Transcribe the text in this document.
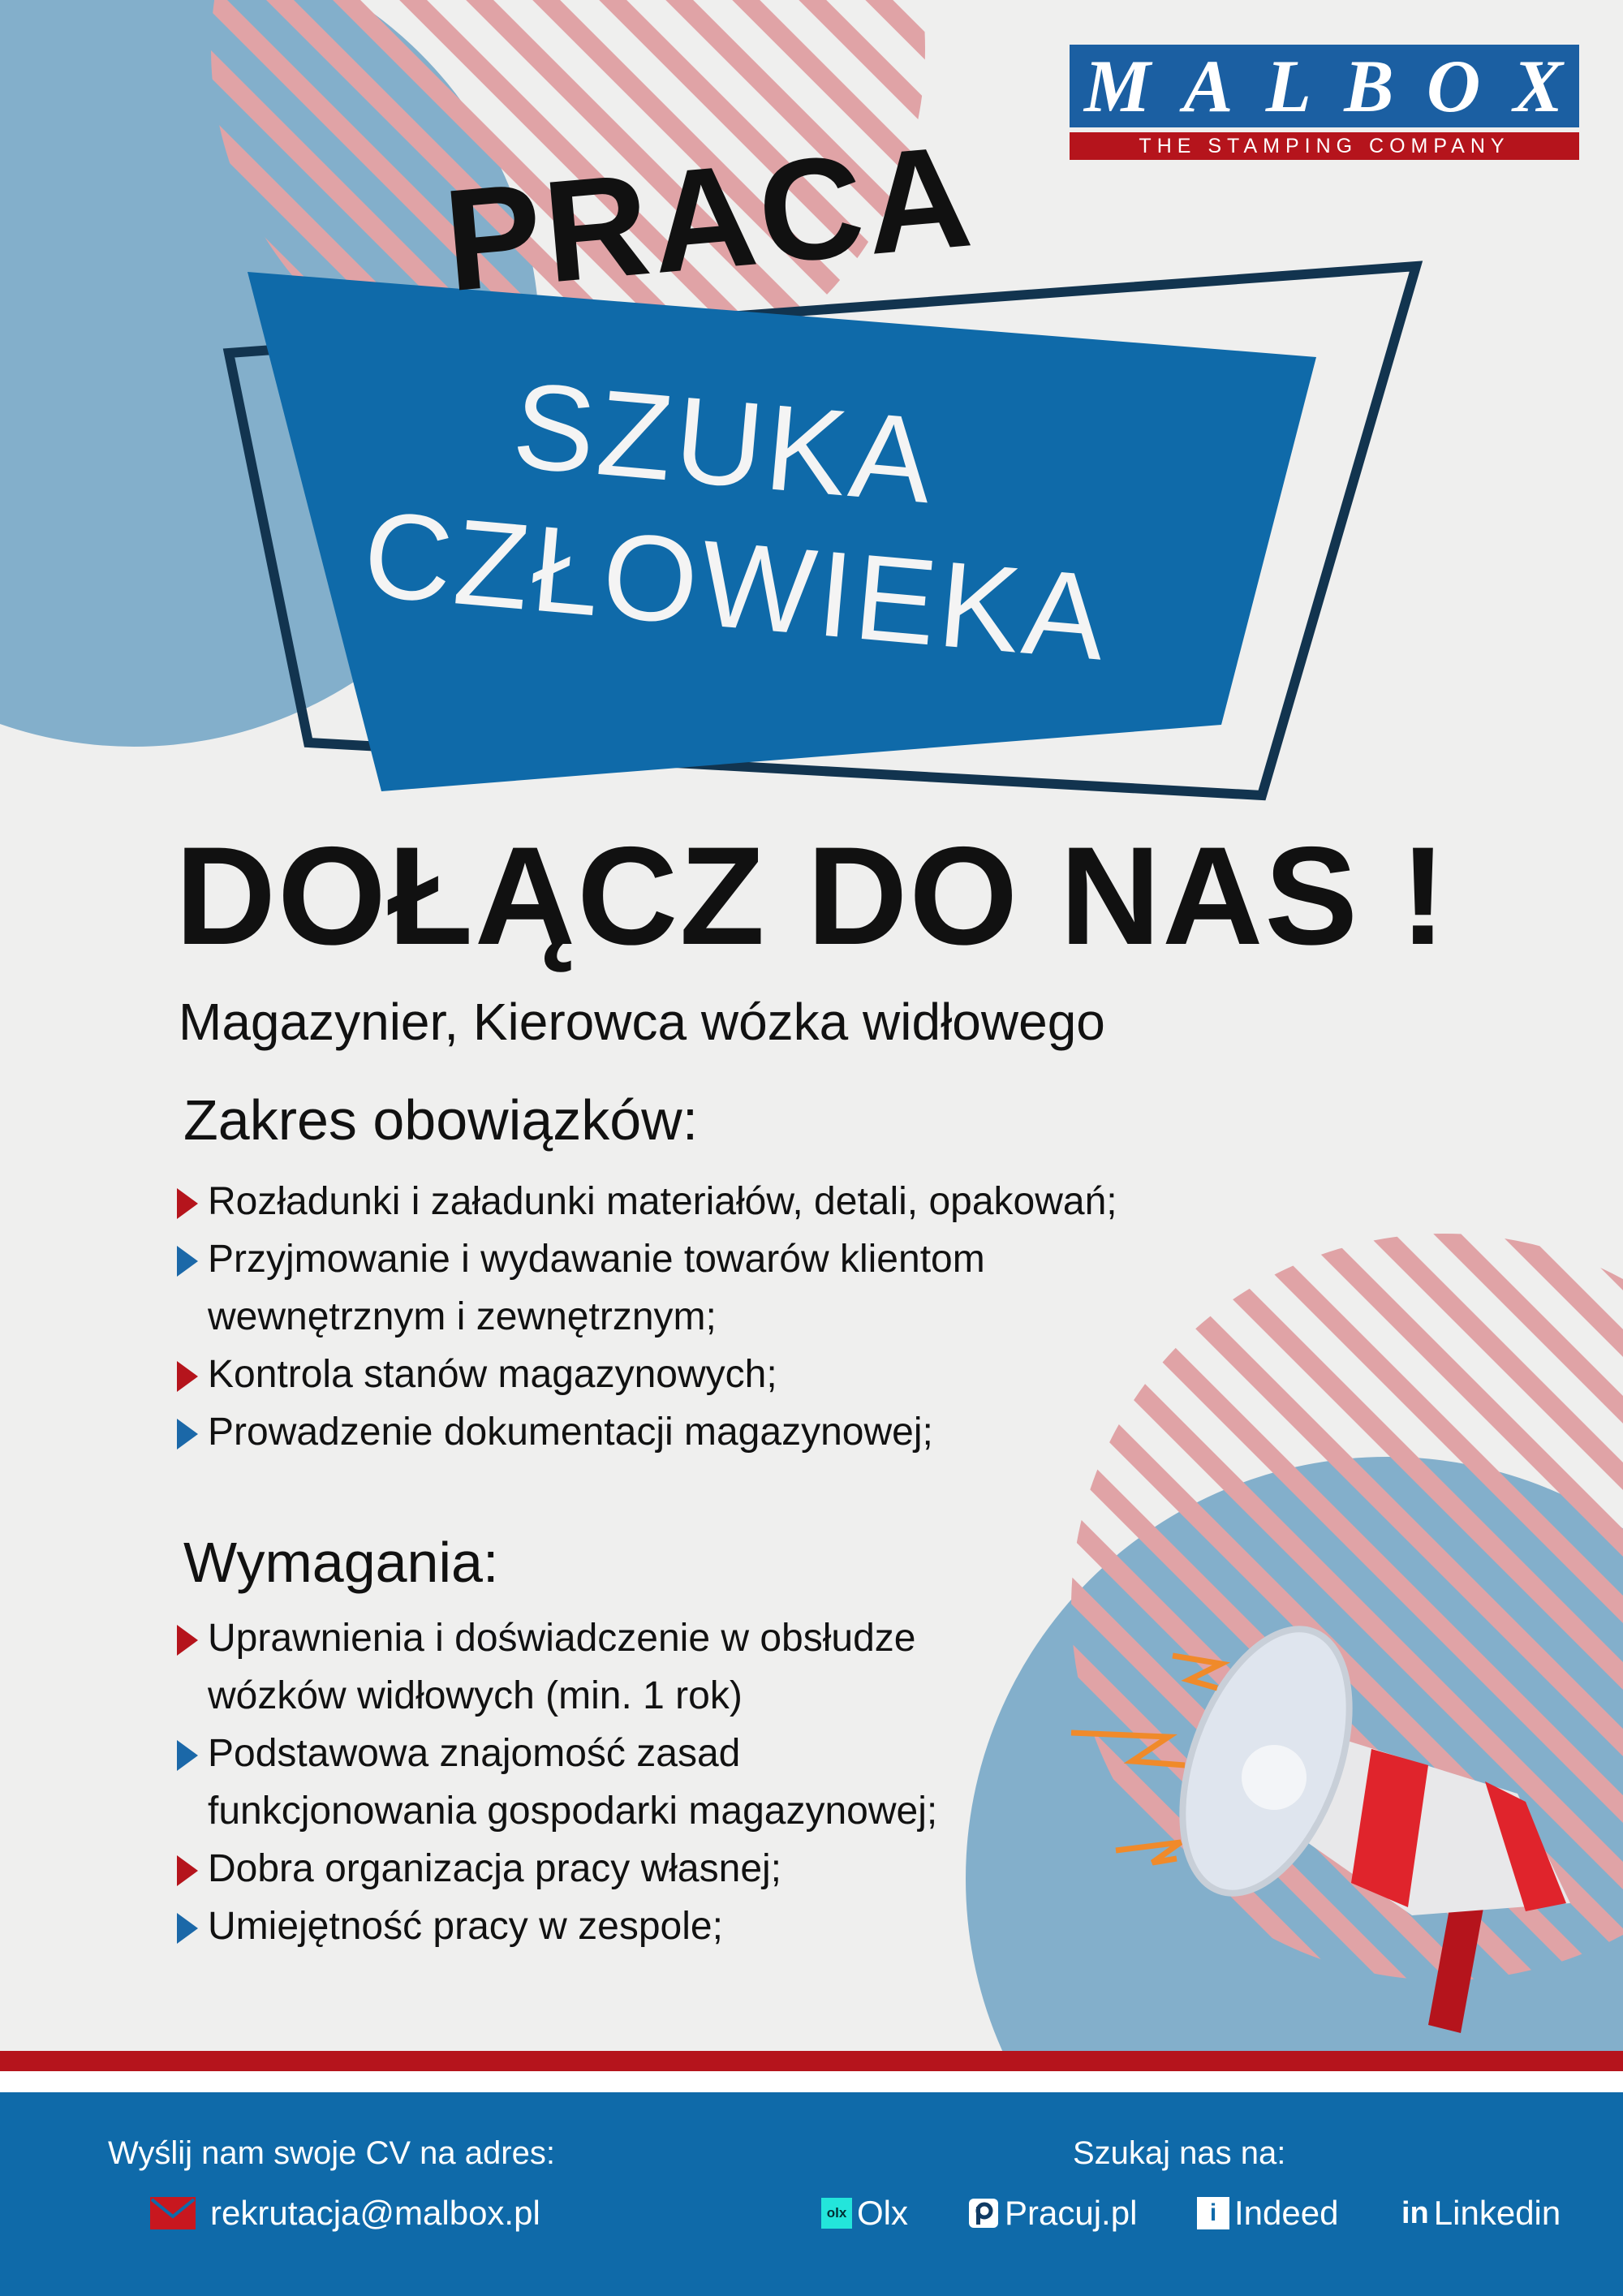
M A L B O X
THE STAMPING COMPANY
PRACA
SZUKA
CZŁOWIEKA
DOŁĄCZ DO NAS !
Magazynier, Kierowca wózka widłowego
Zakres obowiązków:
Rozładunki i załadunki materiałów, detali, opakowań;
Przyjmowanie i wydawanie towarów klientom
wewnętrznym i zewnętrznym;
Kontrola stanów magazynowych;
Prowadzenie dokumentacji magazynowej;
Wymagania:
Uprawnienia i doświadczenie w obsłudze
wózków widłowych (min. 1 rok)
Podstawowa znajomość zasad
funkcjonowania gospodarki magazynowej;
Dobra organizacja pracy własnej;
Umiejętność pracy w zespole;
Wyślij nam swoje CV na adres:
rekrutacja@malbox.pl
Szukaj nas na:
olx Olx	Pracuj.pl	i Indeed in Linkedin
